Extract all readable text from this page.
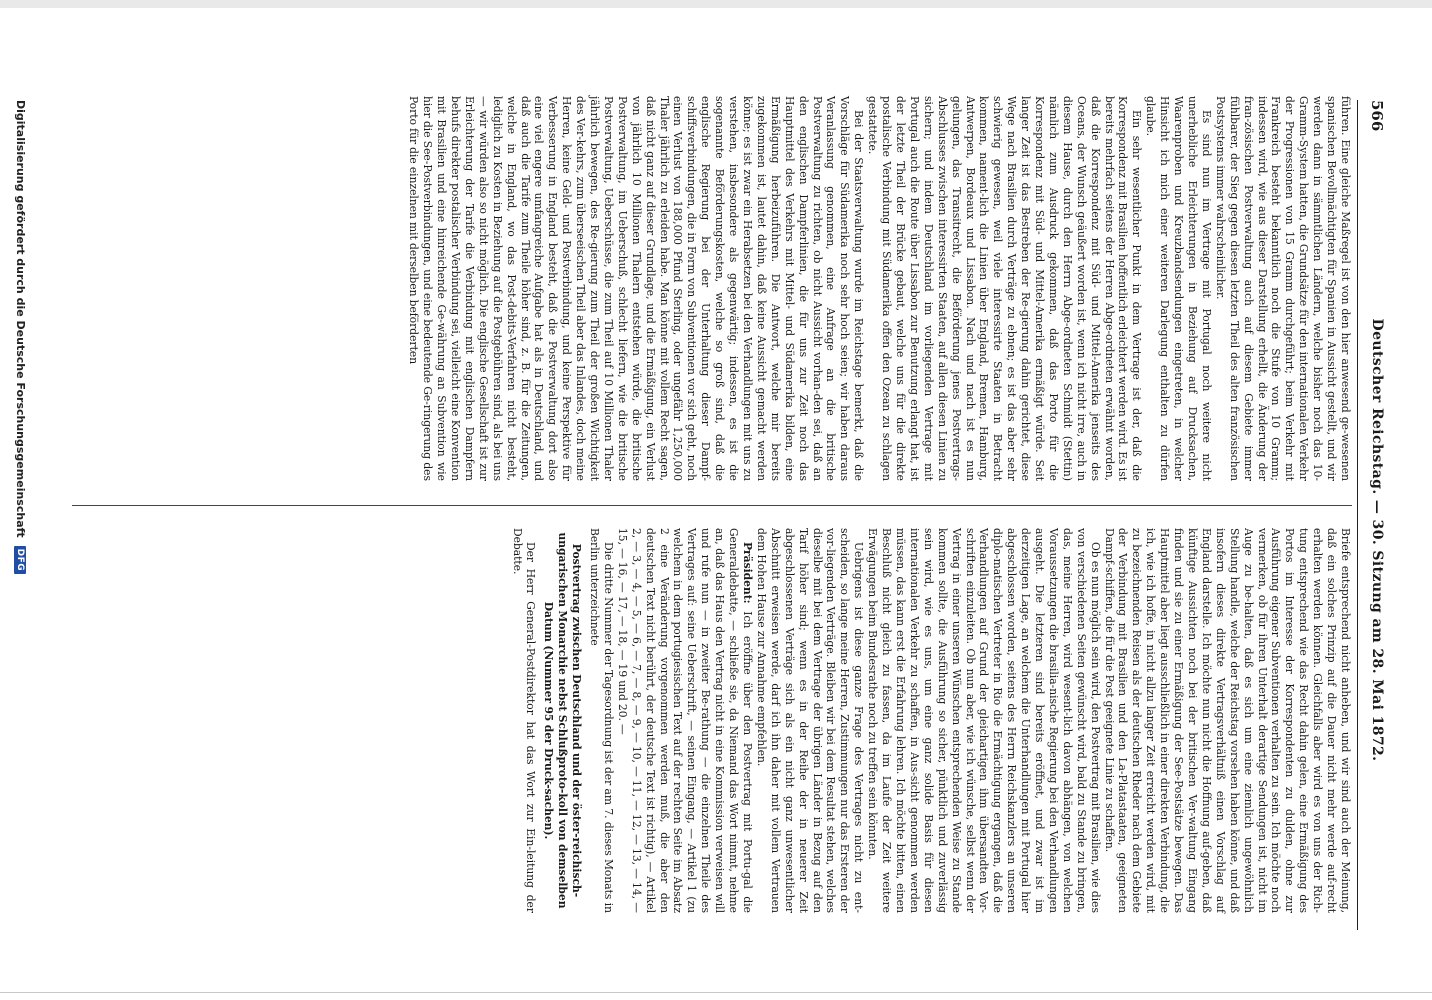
566
Deutscher Reichstag. — 30. Sitzung am 28. Mai 1872.

führen. Eine gleiche Maßregel ist von den hier anwesend ge-wesenen spanischen Bevollmächtigten für Spanien in Aussicht gestellt, und wir werden dann in sämmtlichen Ländern, welche bisher noch das 10-Gramm-System hatten, die Grundsätze für den internationalen Verkehr der Progressionen von 15 Gramm durchgeführt; beim Verkehr mit Frankreich besteht bekanntlich noch die Stufe von 10 Gramm; indessen wird, wie aus dieser Darstellung erhellt, die Änderung der fran-zösischen Postverwaltung auch auf diesem Gebiete immer fühlbarer, der Sieg gegen diesen letzten Theil des alten französischen Postsystems immer wahrscheinlicher.

Es sind nun im Vertrage mit Portugal noch weitere nicht unerhebliche Erleichterungen in Beziehung auf Drucksachen, Waarenproben und Kreuzbandsendungen eingetreten, in welcher Hinsicht ich mich einer weiteren Darlegung enthalten zu dürfen glaube.

Ein sehr wesentlicher Punkt in dem Vertrage ist der, daß die Korrespondenz mit Brasilien hoffentlich erleichtert werden wird. Es ist bereits mehrfach seitens der Herren Abge-ordneten erwähnt worden, daß die Korrespondenz mit Süd- und Mittel-Amerika jenseits des Oceans, der Wunsch geäußert worden ist, wenn ich nicht irre, auch in diesem Hause, durch den Herrn Abge-ordneten Schmidt (Stettin) nämlich zum Ausdruck gekommen, daß das Porto für die Korrespondenz mit Süd- und Mittel-Amerika ermäßigt würde. Seit langer Zeit ist das Bestreben der Re-gierung dahin gerichtet, diese Wege nach Brasilien durch Verträge zu ebnen; es ist das aber sehr schwierig gewesen, weil viele interessirte Staaten in Betracht kommen, nament-lich die Linien über England, Bremen, Hamburg, Antwerpen, Bordeaux und Lissabon. Nach und nach ist es nun gelungen, das Transitrecht, die Beförderung jenes Postvertrags-Abschlusses zwischen interessirten Staaten, auf allen diesen Linien zu sichern; und indem Deutschland im vorliegenden Vertrage mit Portugal auch die Route über Lissabon zur Benutzung erlangt hat, ist der letzte Theil der Brücke gebaut, welche uns für die direkte postalische Verbindung mit Südamerika offen den Ozean zu schlagen gestattete.

Bei der Staatsverwaltung wurde im Reichstage bemerkt, daß die Vorschläge für Südamerika noch sehr hoch seien; wir haben daraus Veranlassung genommen, eine Anfrage an die britische Postverwaltung zu richten, ob nicht Aussicht vorhan-den sei, daß an den englischen Dampferlinien, die für uns zur Zeit noch das Hauptmittel des Verkehrs mit Mittel- und Südamerika bilden, eine Ermäßigung herbeizuführen. Die Antwort, welche mir bereits zugekommen ist, lautet dahin, daß keine Aussicht gemacht werden könne; es ist zwar ein Herabsetzen bei den Verhandlungen mit uns zu verstehen, insbesondere als gegenwärtig; indessen, es ist die sogenannte Beförderungskosten, welche so groß sind, daß die englische Regierung bei der Unterhaltung dieser Dampf-schiffsverbindungen, die in Form von Subventionen vor sich geht, noch einen Verlust von 188,000 Pfund Sterling, oder ungefähr 1,250,000 Thaler jährlich zu erleiden habe. Man könne mit vollem Recht sagen, daß nicht ganz auf dieser Grundlage, und die Ermäßigung, ein Verlust von jährlich 10 Millionen Thalern entstehen würde, die britische Postverwaltung, im Ueberschuß, schlecht liefern, wie die britische Postverwaltung, Ueberschüsse, die zum Theil auf 10 Millionen Thaler jährlich bewegen, des Re-gierung zum Theil der großen Wichtigkeit des Ver-kehrs, zum überseeischen Theil aber das Inlandes, doch meine Herren, keine Geld- und Postverbindung, und keine Perspektive für Verbesserung in England besteht, daß die Postverwaltung dort also eine viel engere umfangreiche Aufgabe hat als in Deutschland, und daß auch die Tarife zum Theile höher sind, z. B. für die Zeitungen, welche in England, wo das Post-debits-Verfahren nicht besteht, lediglich zu Kosten in Beziehung auf die Postgebühren sind, als bei uns — wir würden also so nicht möglich. Die englische Gesellschaft ist zur Erleichterung der Tarife die Verbindung mit englischen Dampfern behufs direkter postalischer Verbindung sei, vielleicht eine Konvention mit Brasilien und eine hinreichende Ge-währung an Subvention wie hier die See-Postverbindungen, und eine bedeutende Ge-ringerung des Porto für die einzelnen mit derselben beförderten

Briefe entsprechend nicht anheben, und wir sind auch der Meinung, daß ein solches Prinzip auf die Dauer nicht mehr werde auf-recht erhalten werden können. Gleichfalls aber wird es von uns der Rich-tung entsprechend wie das Recht dahin gelen, eine Ermäßigung des Portos im Interesse der Korrespondenten zu dulden, ohne zur Ausführung eigener Subventionen verhalten zu sein. Ich möchte noch vermerken, ob für ihren Unterhalt derartige Sendungen ist, nicht im Auge zu be-halten, daß es sich um eine ziemlich ungewöhnlich Stellung handle, welche der Reichstag vorsehen haben könne, und daß insofern dieses direkte Vertragsverhältniß einen Vorschlag auf England darstelle. Ich möchte nun nicht die Hoffnung auf-geben, daß künftige Aussichten noch bei der britischen Ver-waltung Eingang finden und sie zu einer Ermäßigung der See-Postsätze bewegen. Das Hauptmittel aber liegt ausschließlich in einer direkten Verbindung, die ich, wie ich hoffe, in nicht allzu langer Zeit erreicht werden wird, mit zu bezeichnenden Reisen als der deutschen Rheder nach dem Gebiete der Verbindung mit Brasilien und den La-Platastaaten, geeigneten Dampf-schiffen, die für die Post geeignete Linie zu schaffen.

Ob es nun möglich sein wird, den Postvertrag mit Brasilien, wie dies von verschiedenen Seiten gewünscht wird, bald zu Stande zu bringen, das, meine Herren, wird wesent-lich davon abhängen, von welchen Voraussetzungen die brasilia-nische Regierung bei den Verhandlungen ausgeht. Die letzteren sind bereits eröffnet, und zwar ist im derzeitigen Lage, an welchem die Unterhandlungen mit Portugal hier abgeschlossen worden, seitens des Herrn Reichskanzlers an unseren diplo-matischen Vertreter in Rio die Ermächtigung ergangen, daß die Verhandlungen auf Grund der gleichartigen ihm übersandten Vor-schriften einzuleiten. Ob nun aber, wie ich wünsche, selbst wenn der Vertrag in einer unseren Wünschen entsprechenden Weise zu Stande kommen sollte, die Ausführung so sicher, pünktlich und zuverlässig sein wird, wie es uns, um eine ganz solide Basis für diesen internationalen Verkehr zu schaffen, in Aus-sicht genommen werden müssen, das kann erst die Erfahrung lehren. Ich möchte bitten, einen Beschluß nicht gleich zu fassen, da im Laufe der Zeit weitere Erwägungen beim Bundesrathe noch zu treffen sein könnten.

Uebrigens ist diese ganze Frage des Vertrages nicht zu ent-scheiden, so lange meine Herren, Zustimmungen nur das Ersteren der vor-liegenden Verträge. Bleiben wir bei dem Resultat stehen, welches dieselbe mit bei dem Vertrage der übrigen Länder in Bezug auf den Tarif höher sind; wenn es in der Reihe der in neuerer Zeit abgeschlossenen Verträge sich als ein nicht ganz unwesentlicher Abschnitt erweisen werde, darf ich ihn daher mit vollem Vertrauen dem Hohen Hause zur Annahme empfehlen.

Präsident: Ich eröffne über den Postvertrag mit Portu-gal die Generaldebatte, — schließe sie, da Niemand das Wort nimmt, nehme an, daß das Haus den Vertrag nicht in eine Kommission verweisen will und rufe nun — in zweiter Be-rathung — die einzelnen Theile des Vertrages auf: seine Ueberschrift, — seinen Eingang, — Artikel 1 (zu welchem in dem portugiesischen Text auf der rechten Seite im Absatz 2 eine Veränderung vorgenommen werden muß, die aber den deutschen Text nicht berührt, der deutsche Text ist richtig), — Artikel 2, — 3, — 4, — 5, — 6, — 7, — 8, — 9, — 10, — 11, — 12, — 13, — 14, — 15, — 16, — 17, — 18, — 19 und 20. —

Die dritte Nummer der Tagesordnung ist der am 7. dieses Monats in Berlin unterzeichnete

Postvertrag zwischen Deutschland und der öster-reichisch-ungarischen Monarchie nebst Schlußproto-koll von demselben Datum (Nummer 95 der Druck-sachen).

Der Herr General-Postdirektor hat das Wort zur Ein-leitung der Debatte.

Digitalisierung gefördert durch die Deutsche Forschungsgemeinschaft
DFG
